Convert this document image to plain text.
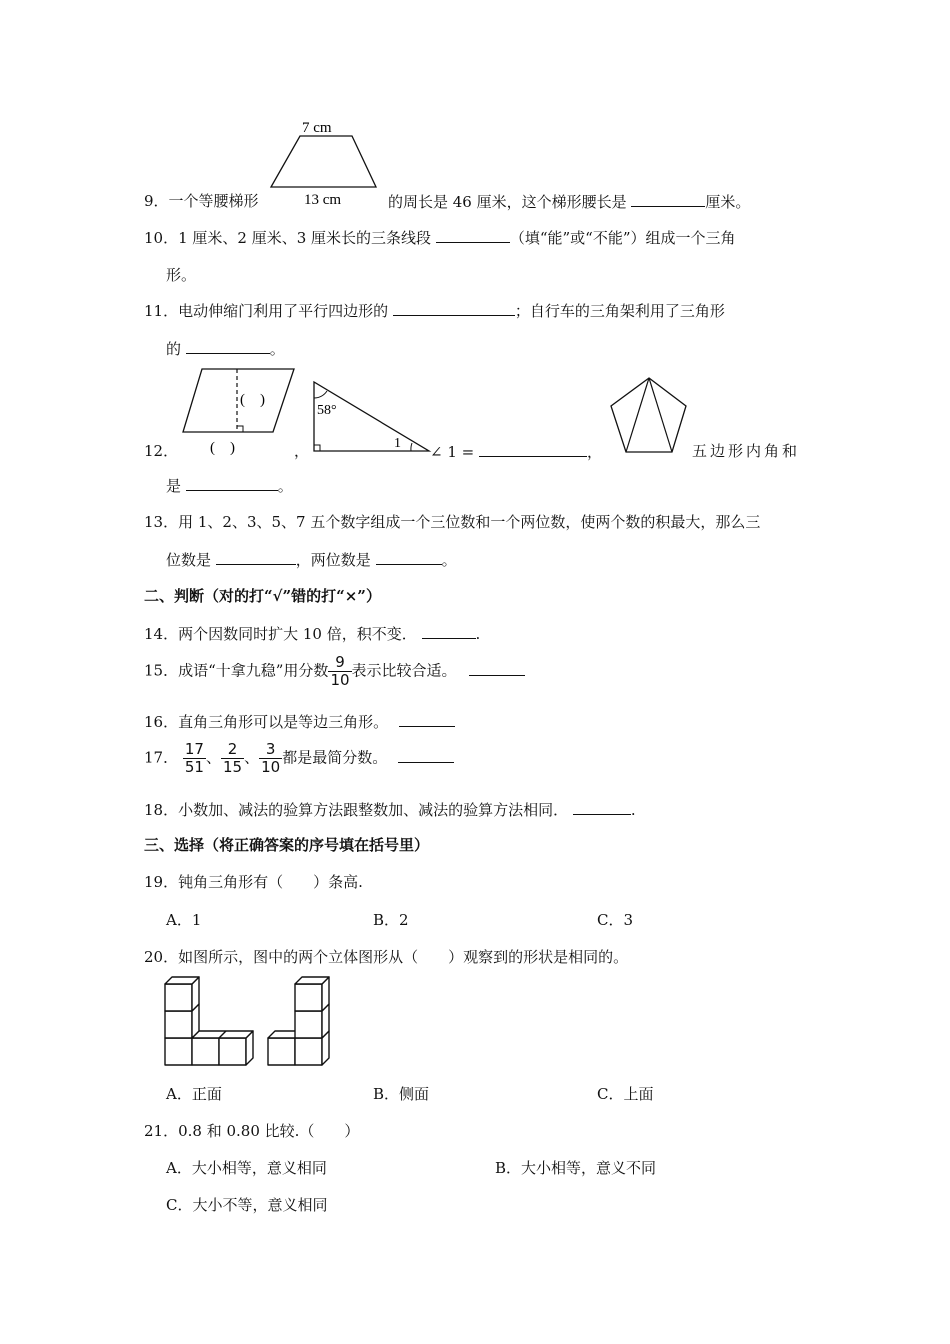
9．一个等腰梯形
7 cm
13 cm	的周长是 46 厘米，这个梯形腰长是	厘米。
10．1 厘米、2 厘米、3 厘米长的三条线段	（填“能”或“不能”）组成一个三角
形。
11．电动伸缩门利用了平行四边形的	；自行车的三角架利用了三角形
的	。
12．
(　)
(　)	，
58°
1 ∠ 1 =	，	五边形内角和
是	。
13．用 1、2、3、5、7 五个数字组成一个三位数和一个两位数，使两个数的积最大，那么三
位数是	，两位数是	。
二、判断（对的打“√”错的打“×”）
14．两个因数同时扩大 10 倍，积不变．	.
15．成语“十拿九稳”用分数 $\frac{9}{10}$ 表示比较合适。
16．直角三角形可以是等边三角形。
17． $\frac{17}{51}$ 、 $\frac{2}{15}$ 、 $\frac{3}{10}$ 都是最简分数。
18．小数加、减法的验算方法跟整数加、减法的验算方法相同．	.
三、选择（将正确答案的序号填在括号里）
19．钝角三角形有（　　）条高.
A．1	B．2	C．3
20．如图所示，图中的两个立体图形从（　　）观察到的形状是相同的。
A．正面	B．侧面	C．上面
21．0.8 和 0.80 比较.（　　）
A．大小相等，意义相同	B．大小相等，意义不同
C．大小不等，意义相同
